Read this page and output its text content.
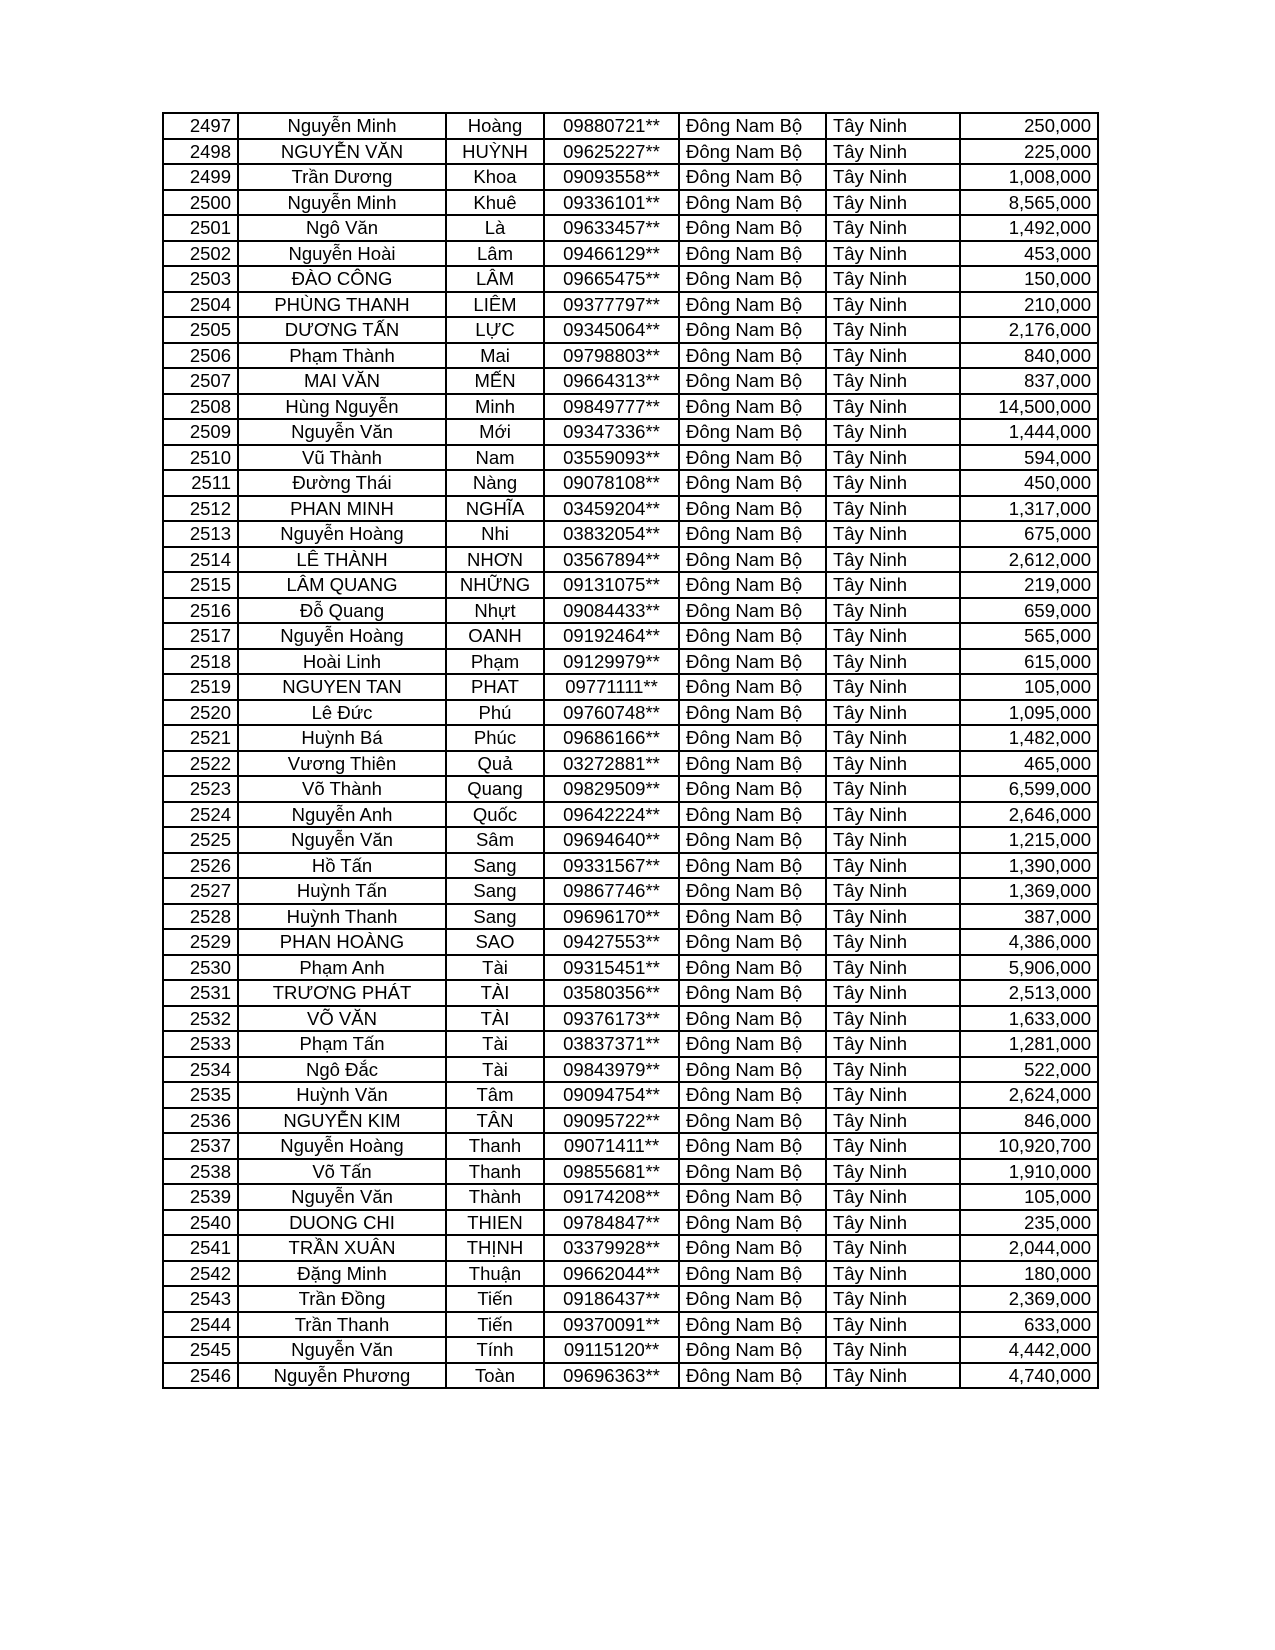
2497	Nguyễn Minh	Hoàng	09880721**	Đông Nam Bộ	Tây Ninh	250,000
2498	NGUYỄN VĂN	HUỲNH	09625227**	Đông Nam Bộ	Tây Ninh	225,000
2499	Trần Dương	Khoa	09093558**	Đông Nam Bộ	Tây Ninh	1,008,000
2500	Nguyễn Minh	Khuê	09336101**	Đông Nam Bộ	Tây Ninh	8,565,000
2501	Ngô Văn	Là	09633457**	Đông Nam Bộ	Tây Ninh	1,492,000
2502	Nguyễn Hoài	Lâm	09466129**	Đông Nam Bộ	Tây Ninh	453,000
2503	ĐÀO CÔNG	LÂM	09665475**	Đông Nam Bộ	Tây Ninh	150,000
2504	PHÙNG THANH	LIÊM	09377797**	Đông Nam Bộ	Tây Ninh	210,000
2505	DƯƠNG TẤN	LỰC	09345064**	Đông Nam Bộ	Tây Ninh	2,176,000
2506	Phạm Thành	Mai	09798803**	Đông Nam Bộ	Tây Ninh	840,000
2507	MAI VĂN	MẾN	09664313**	Đông Nam Bộ	Tây Ninh	837,000
2508	Hùng Nguyễn	Minh	09849777**	Đông Nam Bộ	Tây Ninh	14,500,000
2509	Nguyễn Văn	Mới	09347336**	Đông Nam Bộ	Tây Ninh	1,444,000
2510	Vũ Thành	Nam	03559093**	Đông Nam Bộ	Tây Ninh	594,000
2511	Đường Thái	Nàng	09078108**	Đông Nam Bộ	Tây Ninh	450,000
2512	PHAN MINH	NGHĨA	03459204**	Đông Nam Bộ	Tây Ninh	1,317,000
2513	Nguyễn Hoàng	Nhi	03832054**	Đông Nam Bộ	Tây Ninh	675,000
2514	LÊ THÀNH	NHƠN	03567894**	Đông Nam Bộ	Tây Ninh	2,612,000
2515	LÂM QUANG	NHỮNG	09131075**	Đông Nam Bộ	Tây Ninh	219,000
2516	Đỗ Quang	Nhựt	09084433**	Đông Nam Bộ	Tây Ninh	659,000
2517	Nguyễn Hoàng	OANH	09192464**	Đông Nam Bộ	Tây Ninh	565,000
2518	Hoài Linh	Phạm	09129979**	Đông Nam Bộ	Tây Ninh	615,000
2519	NGUYEN TAN	PHAT	09771111**	Đông Nam Bộ	Tây Ninh	105,000
2520	Lê Đức	Phú	09760748**	Đông Nam Bộ	Tây Ninh	1,095,000
2521	Huỳnh Bá	Phúc	09686166**	Đông Nam Bộ	Tây Ninh	1,482,000
2522	Vương Thiên	Quả	03272881**	Đông Nam Bộ	Tây Ninh	465,000
2523	Võ Thành	Quang	09829509**	Đông Nam Bộ	Tây Ninh	6,599,000
2524	Nguyễn Anh	Quốc	09642224**	Đông Nam Bộ	Tây Ninh	2,646,000
2525	Nguyễn Văn	Sâm	09694640**	Đông Nam Bộ	Tây Ninh	1,215,000
2526	Hồ Tấn	Sang	09331567**	Đông Nam Bộ	Tây Ninh	1,390,000
2527	Huỳnh Tấn	Sang	09867746**	Đông Nam Bộ	Tây Ninh	1,369,000
2528	Huỳnh Thanh	Sang	09696170**	Đông Nam Bộ	Tây Ninh	387,000
2529	PHAN HOÀNG	SAO	09427553**	Đông Nam Bộ	Tây Ninh	4,386,000
2530	Phạm Anh	Tài	09315451**	Đông Nam Bộ	Tây Ninh	5,906,000
2531	TRƯƠNG PHÁT	TÀI	03580356**	Đông Nam Bộ	Tây Ninh	2,513,000
2532	VÕ VĂN	TÀI	09376173**	Đông Nam Bộ	Tây Ninh	1,633,000
2533	Phạm Tấn	Tài	03837371**	Đông Nam Bộ	Tây Ninh	1,281,000
2534	Ngô Đắc	Tài	09843979**	Đông Nam Bộ	Tây Ninh	522,000
2535	Huỳnh Văn	Tâm	09094754**	Đông Nam Bộ	Tây Ninh	2,624,000
2536	NGUYỄN KIM	TÂN	09095722**	Đông Nam Bộ	Tây Ninh	846,000
2537	Nguyễn Hoàng	Thanh	09071411**	Đông Nam Bộ	Tây Ninh	10,920,700
2538	Võ Tấn	Thanh	09855681**	Đông Nam Bộ	Tây Ninh	1,910,000
2539	Nguyễn Văn	Thành	09174208**	Đông Nam Bộ	Tây Ninh	105,000
2540	DUONG CHI	THIEN	09784847**	Đông Nam Bộ	Tây Ninh	235,000
2541	TRẦN XUÂN	THỊNH	03379928**	Đông Nam Bộ	Tây Ninh	2,044,000
2542	Đặng Minh	Thuận	09662044**	Đông Nam Bộ	Tây Ninh	180,000
2543	Trần Đồng	Tiến	09186437**	Đông Nam Bộ	Tây Ninh	2,369,000
2544	Trần Thanh	Tiến	09370091**	Đông Nam Bộ	Tây Ninh	633,000
2545	Nguyễn Văn	Tính	09115120**	Đông Nam Bộ	Tây Ninh	4,442,000
2546	Nguyễn Phương	Toàn	09696363**	Đông Nam Bộ	Tây Ninh	4,740,000
